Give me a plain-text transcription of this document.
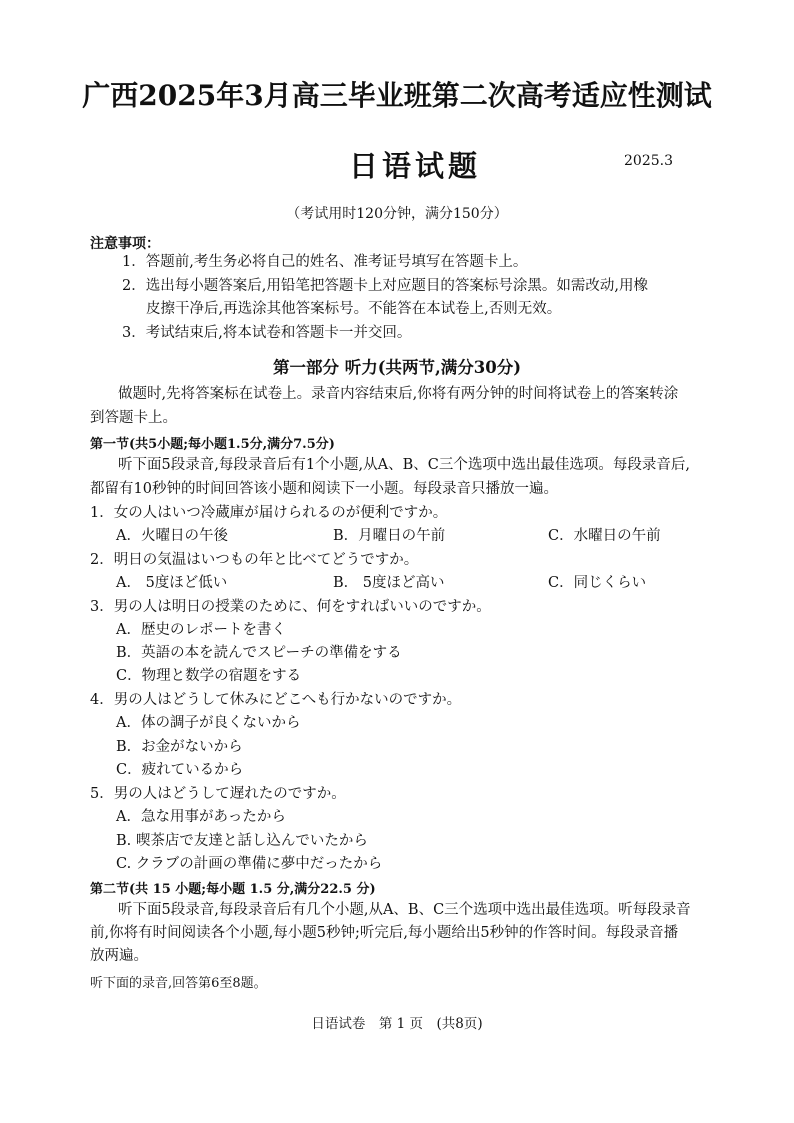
广西2025年3月高三毕业班第二次高考适应性测试
日语试题	2025.3
（考试用时120分钟，满分150分）
注意事项：
1．答题前,考生务必将自己的姓名、准考证号填写在答题卡上。
2．选出每小题答案后,用铅笔把答题卡上对应题目的答案标号涂黑。如需改动,用橡
皮擦干净后,再选涂其他答案标号。不能答在本试卷上,否则无效。
3．考试结束后,将本试卷和答题卡一并交回。
第一部分 听力(共两节,满分30分)
做题时,先将答案标在试卷上。录音内容结束后,你将有两分钟的时间将试卷上的答案转涂
到答题卡上。
第一节(共5小题;每小题1.5分,满分7.5分)
听下面5段录音,每段录音后有1个小题,从A、B、C三个选项中选出最佳选项。每段录音后,
都留有10秒钟的时间回答该小题和阅读下一小题。每段录音只播放一遍。
1．女の人はいつ冷蔵庫が届けられるのが便利ですか。
A．火曜日の午後	B．月曜日の午前	C．水曜日の午前
2．明日の気温はいつもの年と比べてどうですか。
A． 5度ほど低い	B． 5度ほど高い	C．同じくらい
3．男の人は明日の授業のために、何をすればいいのですか。
A．歴史のレポートを書く
B．英語の本を読んでスピーチの準備をする
C．物理と数学の宿題をする
4．男の人はどうして休みにどこへも行かないのですか。
A．体の調子が良くないから
B．お金がないから
C．疲れているから
5．男の人はどうして遅れたのですか。
A．急な用事があったから
B. 喫茶店で友達と話し込んでいたから
C. クラブの計画の準備に夢中だったから
第二节(共 15 小题;每小题 1.5 分,满分22.5 分)
听下面5段录音,每段录音后有几个小题,从A、B、C三个选项中选出最佳选项。听每段录音
前,你将有时间阅读各个小题,每小题5秒钟;听完后,每小题给出5秒钟的作答时间。每段录音播
放两遍。
听下面的录音,回答第6至8题。
日语试卷　第 1 页　(共8页)
